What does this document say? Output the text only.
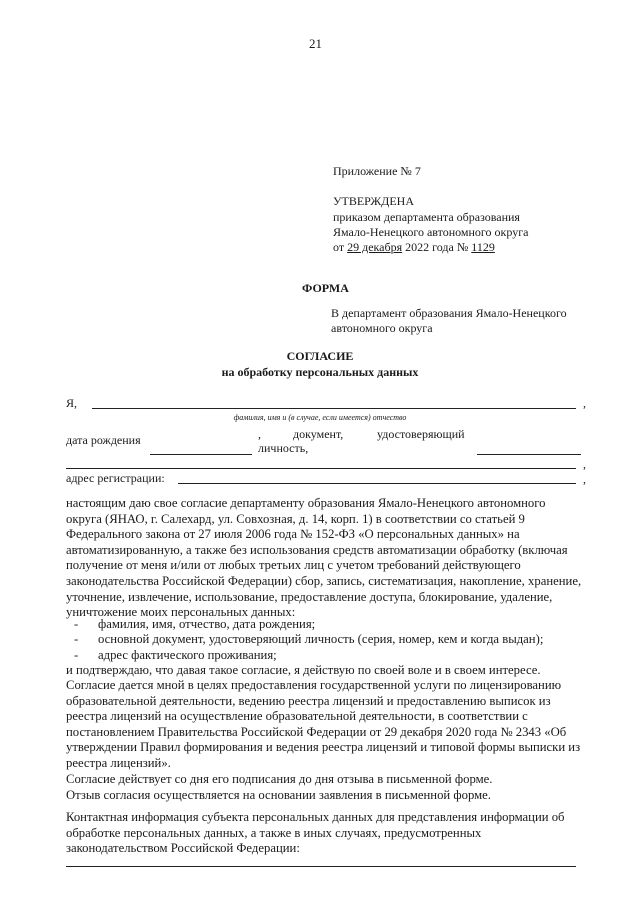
21
Приложение № 7
УТВЕРЖДЕНА
приказом департамента образования
Ямало-Ненецкого автономного округа
от 29 декабря 2022 года № 1129
ФОРМА
В департамент образования Ямало-Ненецкого
автономного округа
СОГЛАСИЕ
на обработку персональных данных
Я,	,
фамилия, имя и (в случае, если имеется) отчество
дата рождения	,	документ,	удостоверяющий
личность,
,
адрес регистрации:	,

настоящим даю свое согласие департаменту образования Ямало-Ненецкого автономного

округа (ЯНАО, г. Салехард, ул. Совхозная, д. 14, корп. 1) в соответствии со статьей 9

Федерального закона от 27 июля 2006 года № 152-ФЗ «О персональных данных» на

автоматизированную, а также без использования средств автоматизации обработку (включая

получение от меня и/или от любых третьих лиц с учетом требований действующего

законодательства Российской Федерации) сбор, запись, систематизация, накопление, хранение,

уточнение, извлечение, использование, предоставление доступа, блокирование, удаление,

уничтожение моих персональных данных:

- фамилия, имя, отчество, дата рождения;
- основной документ, удостоверяющий личность (серия, номер, кем и когда выдан);
- адрес фактического проживания;

и подтверждаю, что давая такое согласие, я действую по своей воле и в своем интересе.

Согласие дается мной в целях предоставления государственной услуги по лицензированию

образовательной деятельности, ведению реестра лицензий и предоставлению выписок из

реестра лицензий на осуществление образовательной деятельности, в соответствии с

постановлением Правительства Российской Федерации от 29 декабря 2020 года № 2343 «Об

утверждении Правил формирования и ведения реестра лицензий и типовой формы выписки из

реестра лицензий».

Согласие действует со дня его подписания до дня отзыва в письменной форме.

Отзыв согласия осуществляется на основании заявления в письменной форме.

Контактная информация субъекта персональных данных для представления информации об

обработке персональных данных, а также в иных случаях, предусмотренных

законодательством Российской Федерации:
